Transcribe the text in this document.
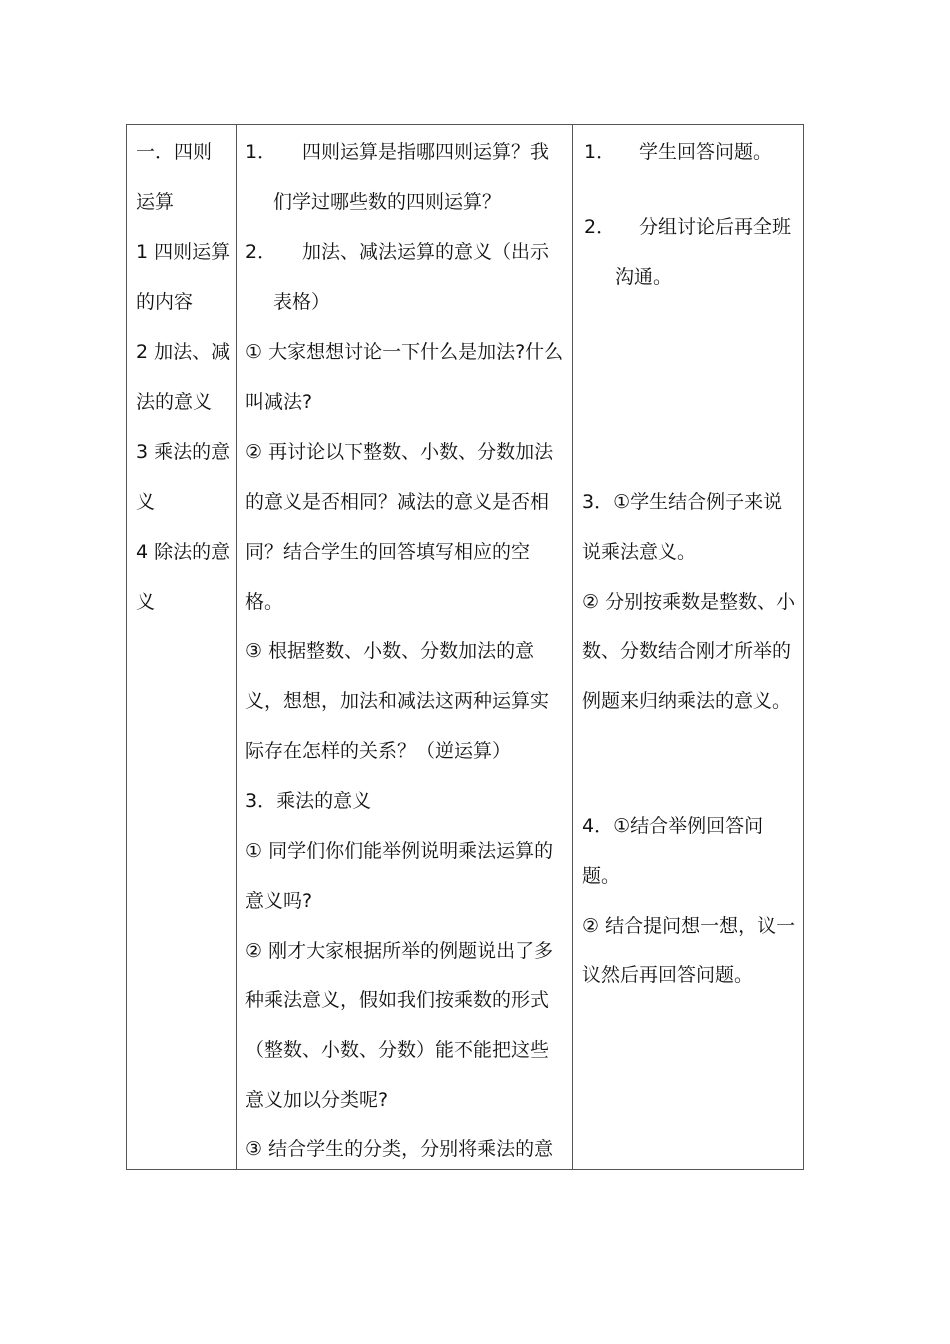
一．四则
运算
1 四则运算
的内容
2 加法、减
法的意义
3 乘法的意
义
4 除法的意
义
1． 四则运算是指哪四则运算？我
们学过哪些数的四则运算？
2． 加法、减法运算的意义（出示
表格）
① 大家想想讨论一下什么是加法?什么
叫减法?
② 再讨论以下整数、小数、分数加法
的意义是否相同？减法的意义是否相
同？结合学生的回答填写相应的空
格。
③ 根据整数、小数、分数加法的意
义，想想，加法和减法这两种运算实
际存在怎样的关系？（逆运算）
3．乘法的意义
① 同学们你们能举例说明乘法运算的
意义吗?
② 刚才大家根据所举的例题说出了多
种乘法意义，假如我们按乘数的形式
（整数、小数、分数）能不能把这些
意义加以分类呢?
③ 结合学生的分类，分别将乘法的意
1． 学生回答问题。
2． 分组讨论后再全班
沟通。
3．①学生结合例子来说
说乘法意义。
② 分别按乘数是整数、小
数、分数结合刚才所举的
例题来归纳乘法的意义。
4．①结合举例回答问
题。
② 结合提问想一想，议一
议然后再回答问题。
